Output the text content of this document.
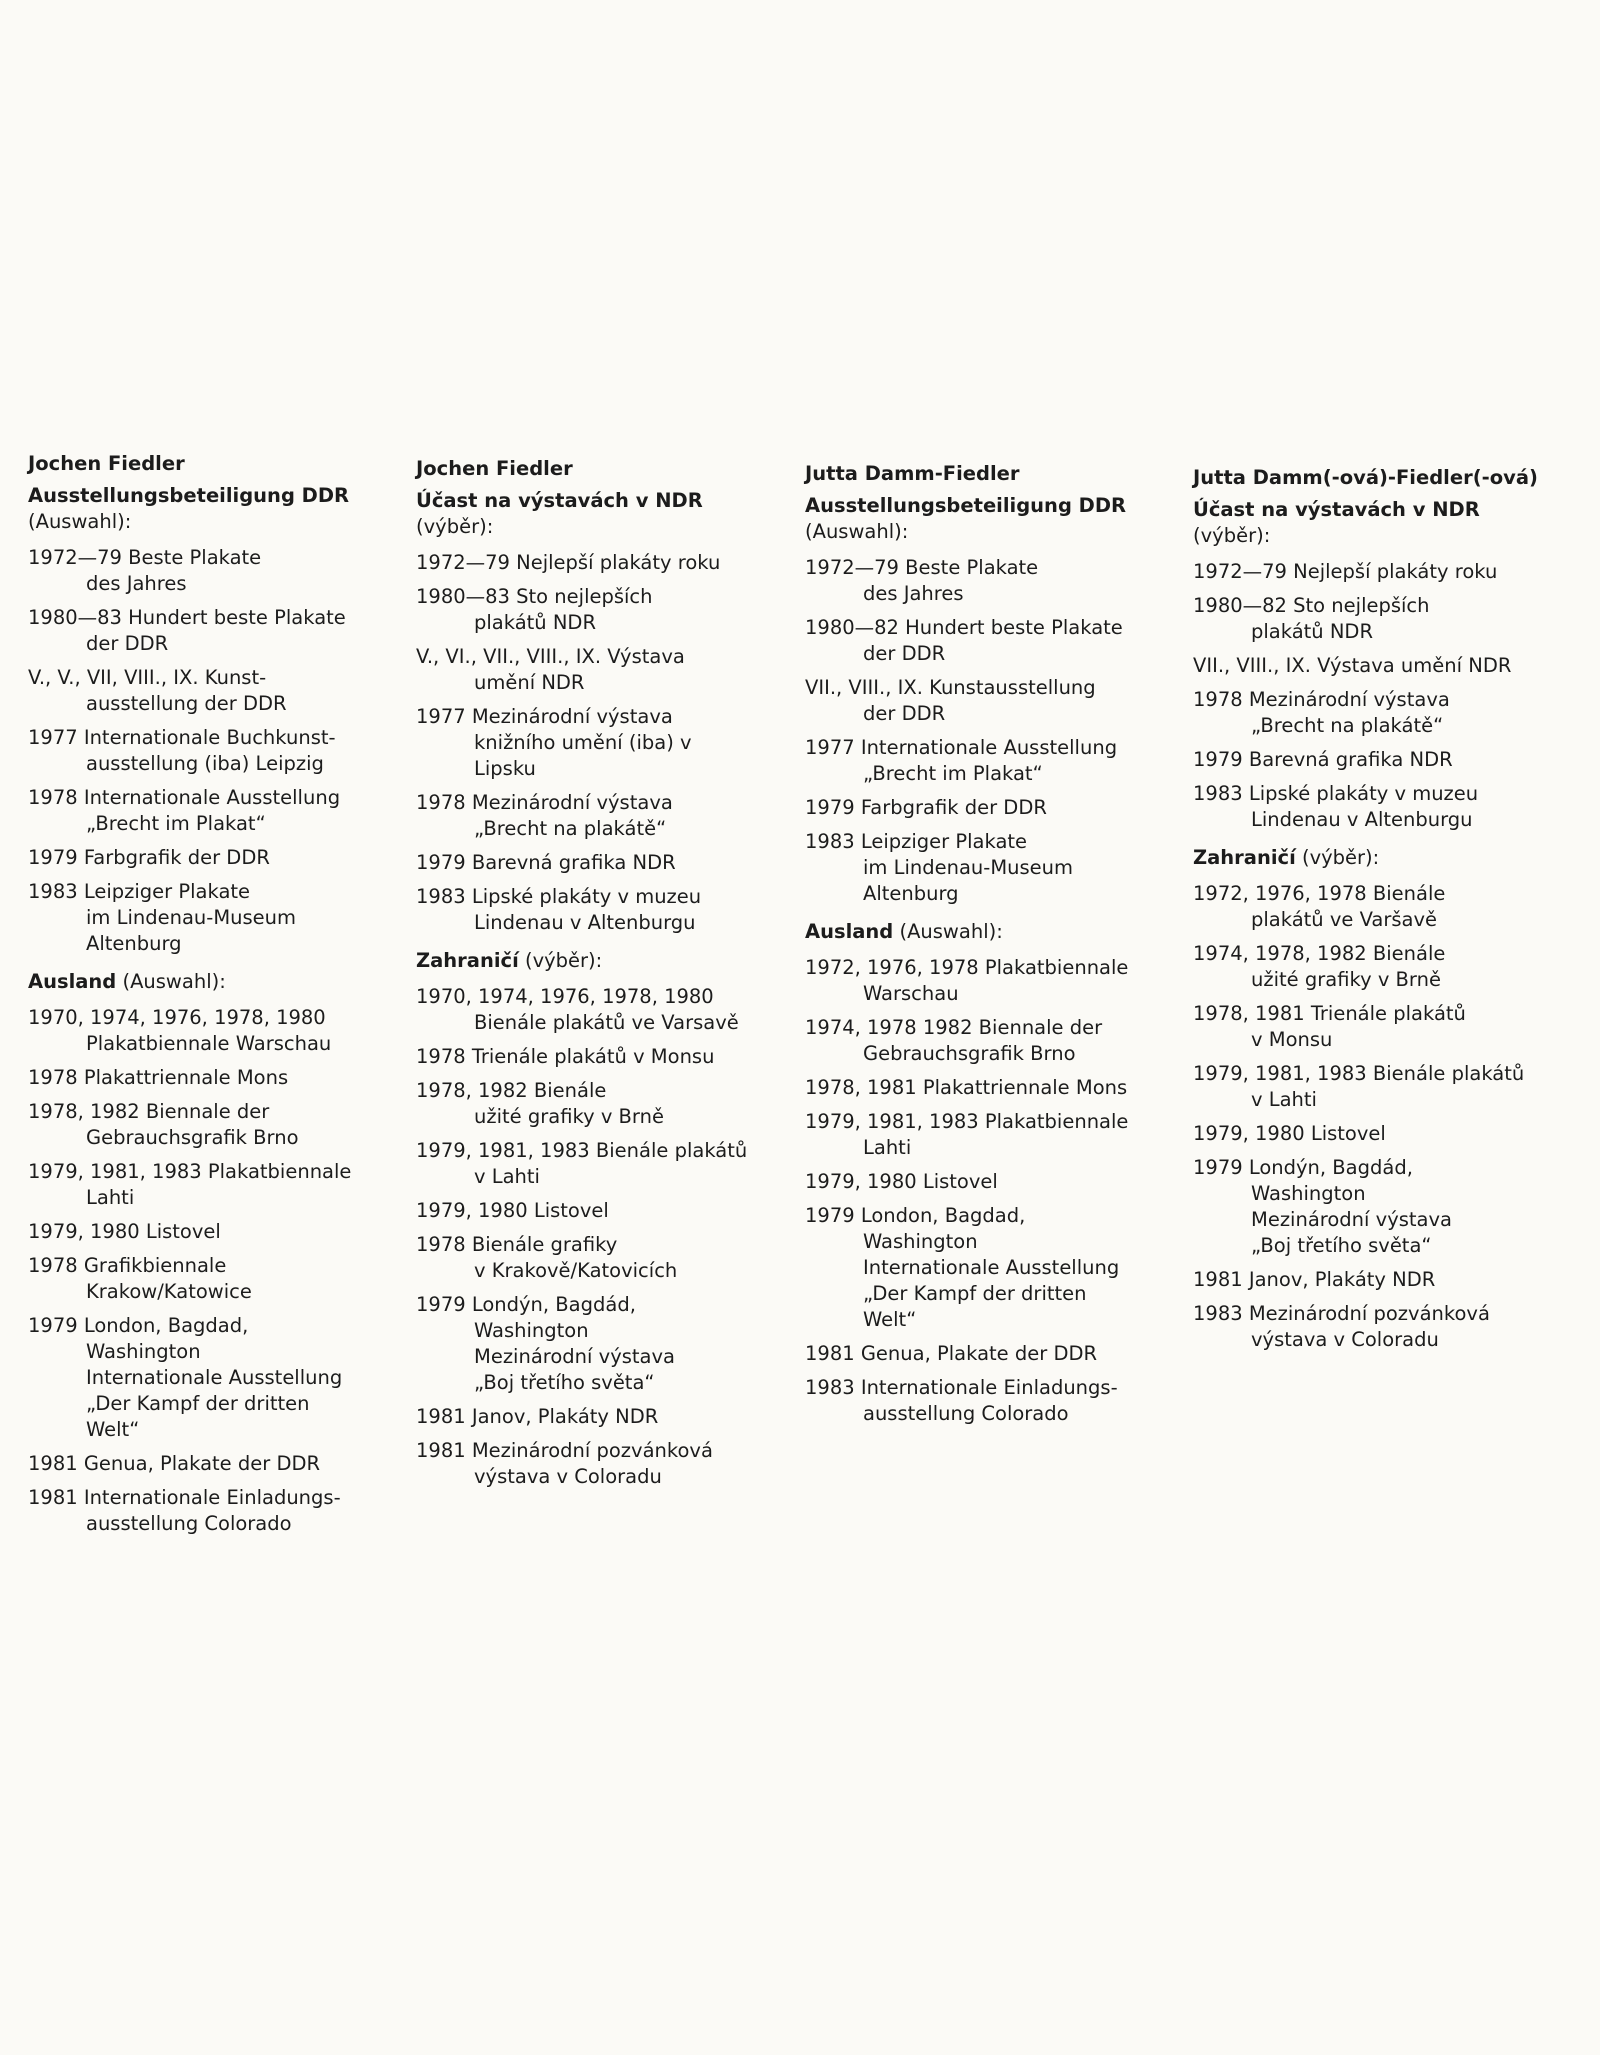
Jochen Fiedler
Ausstellungsbeteiligung DDR
(Auswahl):
1972—79 Beste Plakate
des Jahres
1980—83 Hundert beste Plakate
der DDR
V., V., VII, VIII., IX. Kunst-
ausstellung der DDR
1977 Internationale Buchkunst-
ausstellung (iba) Leipzig
1978 Internationale Ausstellung
„Brecht im Plakat“
1979 Farbgrafik der DDR
1983 Leipziger Plakate
im Lindenau-Museum
Altenburg
Ausland (Auswahl):
1970, 1974, 1976, 1978, 1980
Plakatbiennale Warschau
1978 Plakattriennale Mons
1978, 1982 Biennale der
Gebrauchsgrafik Brno
1979, 1981, 1983 Plakatbiennale
Lahti
1979, 1980 Listovel
1978 Grafikbiennale
Krakow/Katowice
1979 London, Bagdad,
Washington
Internationale Ausstellung
„Der Kampf der dritten
Welt“
1981 Genua, Plakate der DDR
1981 Internationale Einladungs-
ausstellung Colorado
Jochen Fiedler
Účast na výstavách v NDR
(výběr):
1972—79 Nejlepší plakáty roku
1980—83 Sto nejlepších
plakátů NDR
V., VI., VII., VIII., IX. Výstava
umění NDR
1977 Mezinárodní výstava
knižního umění (iba) v
Lipsku
1978 Mezinárodní výstava
„Brecht na plakátě“
1979 Barevná grafika NDR
1983 Lipské plakáty v muzeu
Lindenau v Altenburgu
Zahraničí (výběr):
1970, 1974, 1976, 1978, 1980
Bienále plakátů ve Varsavě
1978 Trienále plakátů v Monsu
1978, 1982 Bienále
užité grafiky v Brně
1979, 1981, 1983 Bienále plakátů
v Lahti
1979, 1980 Listovel
1978 Bienále grafiky
v Krakově/Katovicích
1979 Londýn, Bagdád,
Washington
Mezinárodní výstava
„Boj třetího světa“
1981 Janov, Plakáty NDR
1981 Mezinárodní pozvánková
výstava v Coloradu
Jutta Damm-Fiedler
Ausstellungsbeteiligung DDR
(Auswahl):
1972—79 Beste Plakate
des Jahres
1980—82 Hundert beste Plakate
der DDR
VII., VIII., IX. Kunstausstellung
der DDR
1977 Internationale Ausstellung
„Brecht im Plakat“
1979 Farbgrafik der DDR
1983 Leipziger Plakate
im Lindenau-Museum
Altenburg
Ausland (Auswahl):
1972, 1976, 1978 Plakatbiennale
Warschau
1974, 1978 1982 Biennale der
Gebrauchsgrafik Brno
1978, 1981 Plakattriennale Mons
1979, 1981, 1983 Plakatbiennale
Lahti
1979, 1980 Listovel
1979 London, Bagdad,
Washington
Internationale Ausstellung
„Der Kampf der dritten
Welt“
1981 Genua, Plakate der DDR
1983 Internationale Einladungs-
ausstellung Colorado
Jutta Damm(-ová)-Fiedler(-ová)
Účast na výstavách v NDR
(výběr):
1972—79 Nejlepší plakáty roku
1980—82 Sto nejlepších
plakátů NDR
VII., VIII., IX. Výstava umění NDR
1978 Mezinárodní výstava
„Brecht na plakátě“
1979 Barevná grafika NDR
1983 Lipské plakáty v muzeu
Lindenau v Altenburgu
Zahraničí (výběr):
1972, 1976, 1978 Bienále
plakátů ve Varšavě
1974, 1978, 1982 Bienále
užité grafiky v Brně
1978, 1981 Trienále plakátů
v Monsu
1979, 1981, 1983 Bienále plakátů
v Lahti
1979, 1980 Listovel
1979 Londýn, Bagdád,
Washington
Mezinárodní výstava
„Boj třetího světa“
1981 Janov, Plakáty NDR
1983 Mezinárodní pozvánková
výstava v Coloradu
